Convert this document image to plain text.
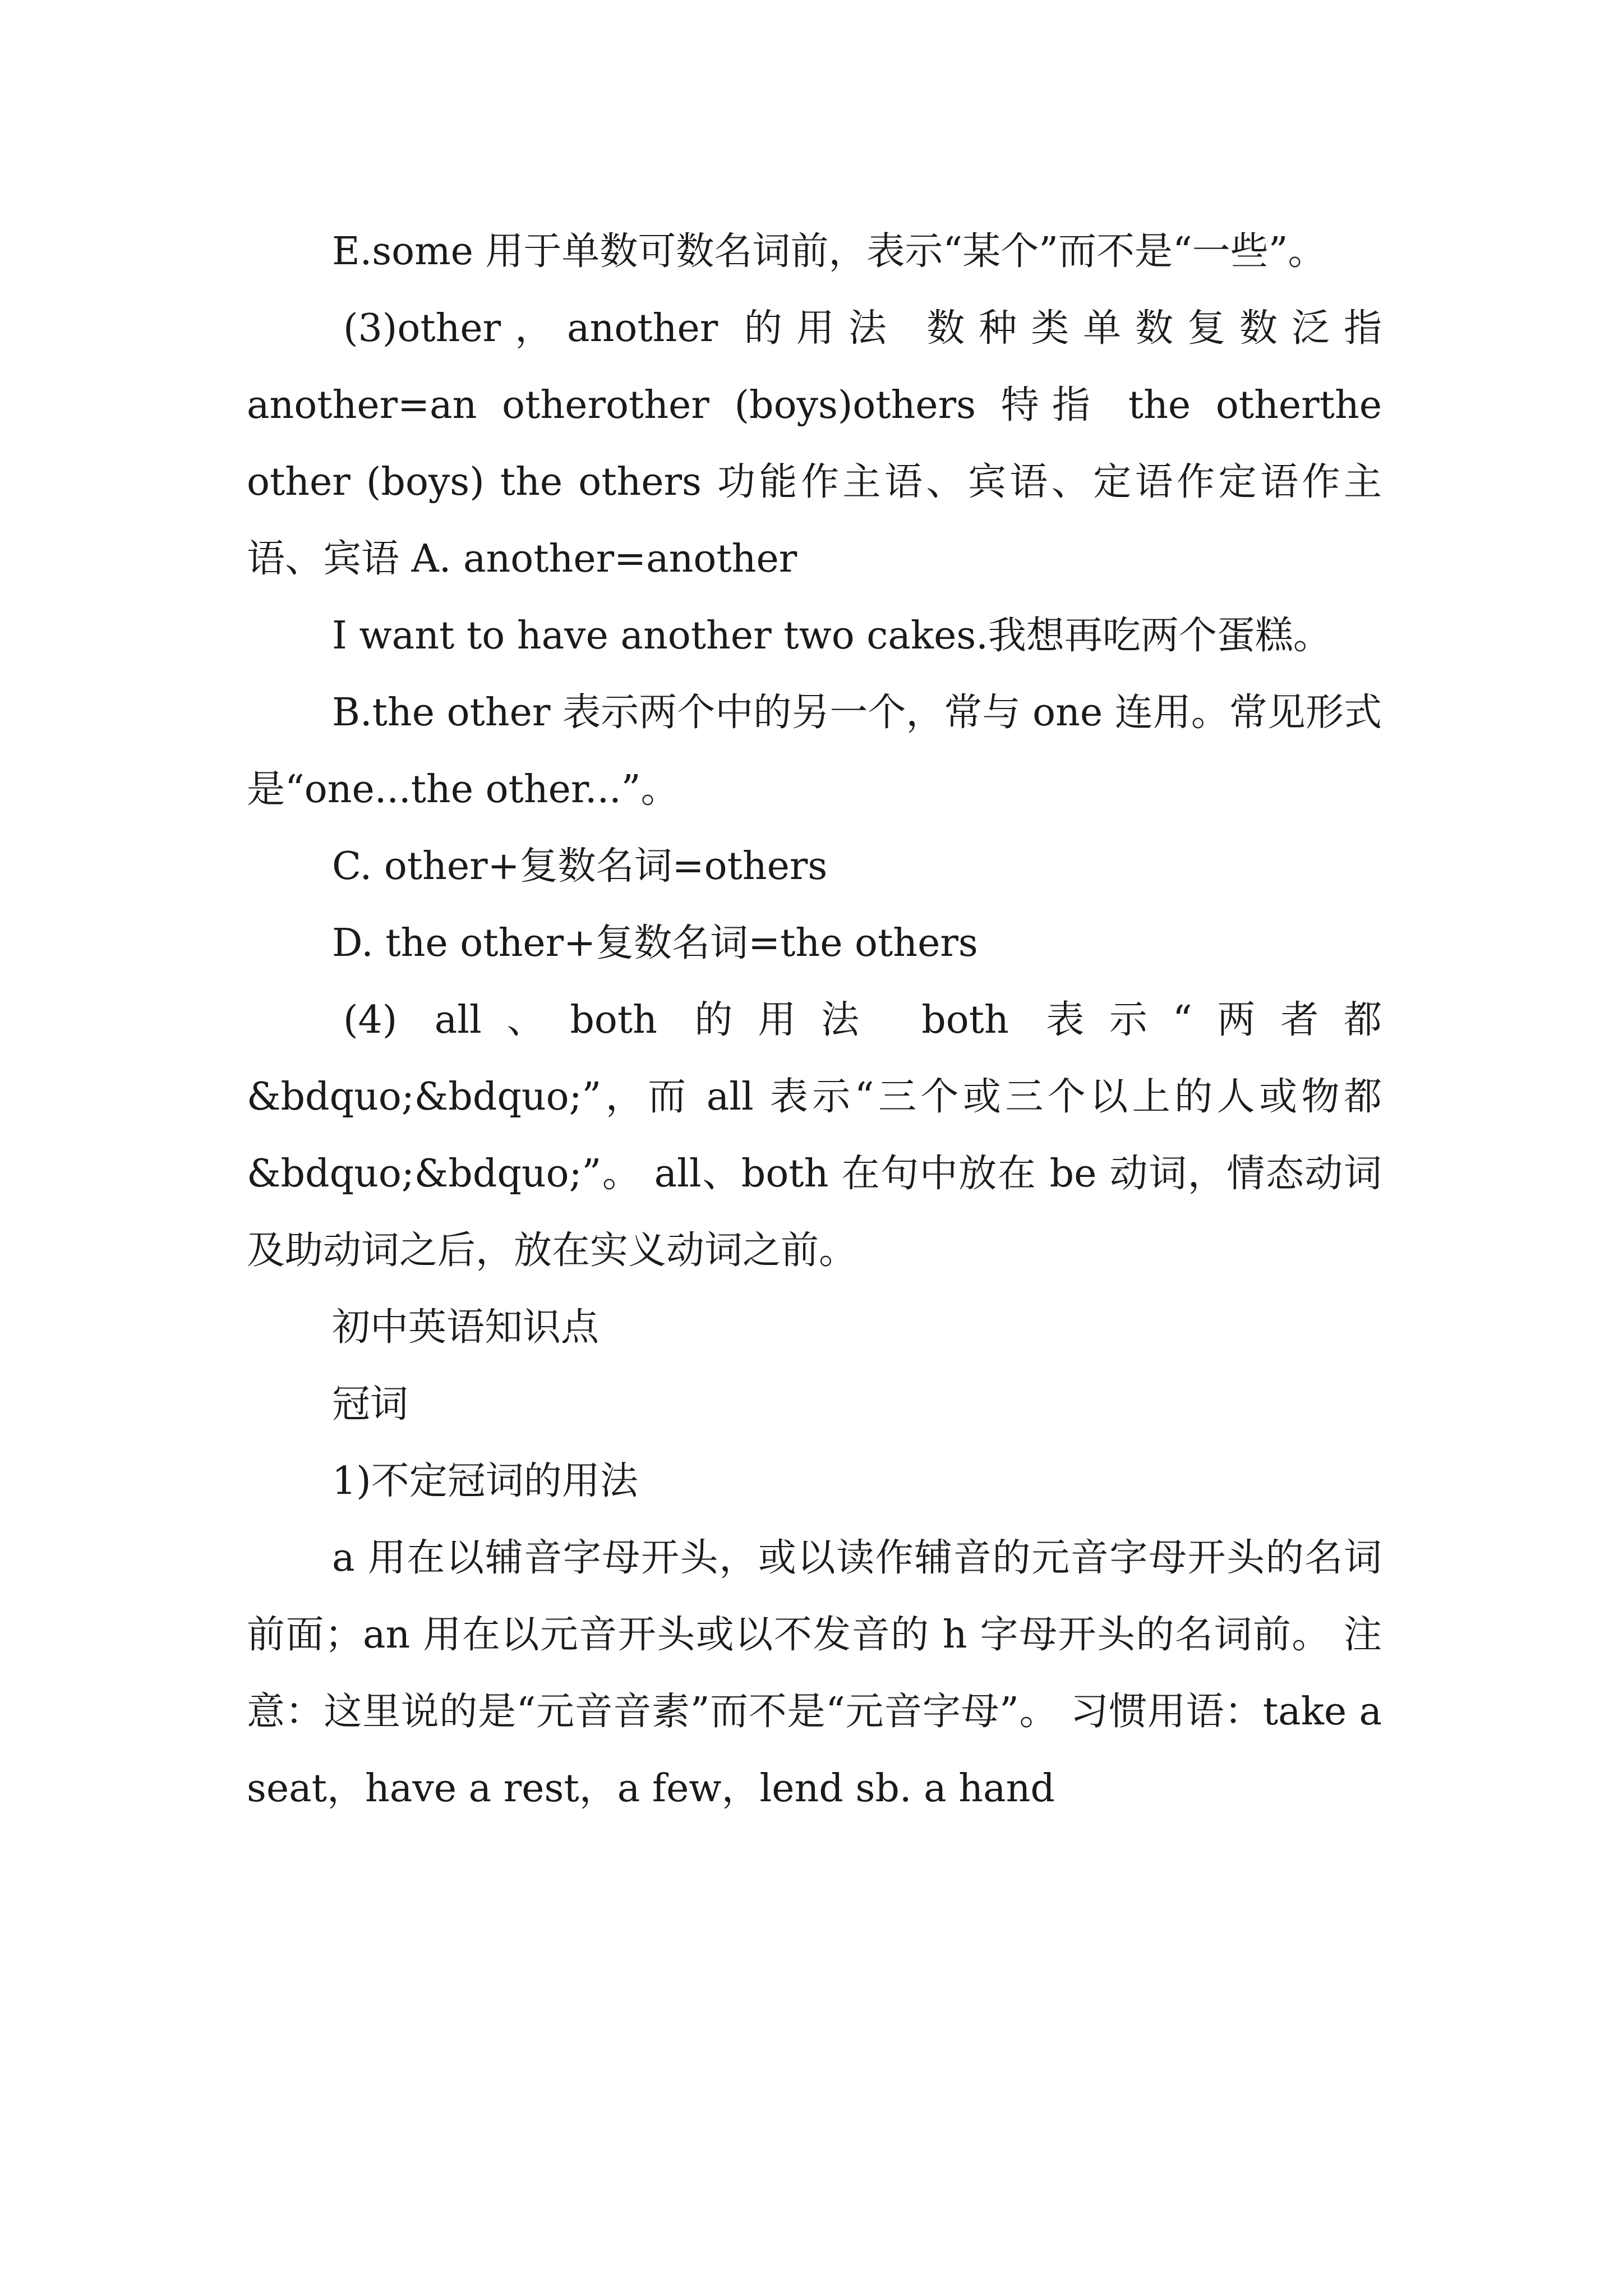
E.some 用于单数可数名词前，表示“某个”而不是“一些”。

(3)other，another 的用法 数种类单数复数泛指 another=an otherother (boys)others 特指 the otherthe other (boys) the others 功能作主语、宾语、定语作定语作主语、宾语 A. another=another

I want to have another two cakes.我想再吃两个蛋糕。

B.the other 表示两个中的另一个，常与 one 连用。常见形式是“one...the other...”。

C. other+复数名词=others

D. the other+复数名词=the others

(4) all、both 的用法 both 表示“两者都&bdquo;&bdquo;”，而 all 表示“三个或三个以上的人或物都&bdquo;&bdquo;”。 all、both 在句中放在 be 动词，情态动词及助动词之后，放在实义动词之前。

初中英语知识点

冠词

1)不定冠词的用法

a 用在以辅音字母开头，或以读作辅音的元音字母开头的名词前面；an 用在以元音开头或以不发音的 h 字母开头的名词前。 注意：这里说的是“元音音素”而不是“元音字母”。 习惯用语：take a seat，have a rest，a few，lend sb. a hand
